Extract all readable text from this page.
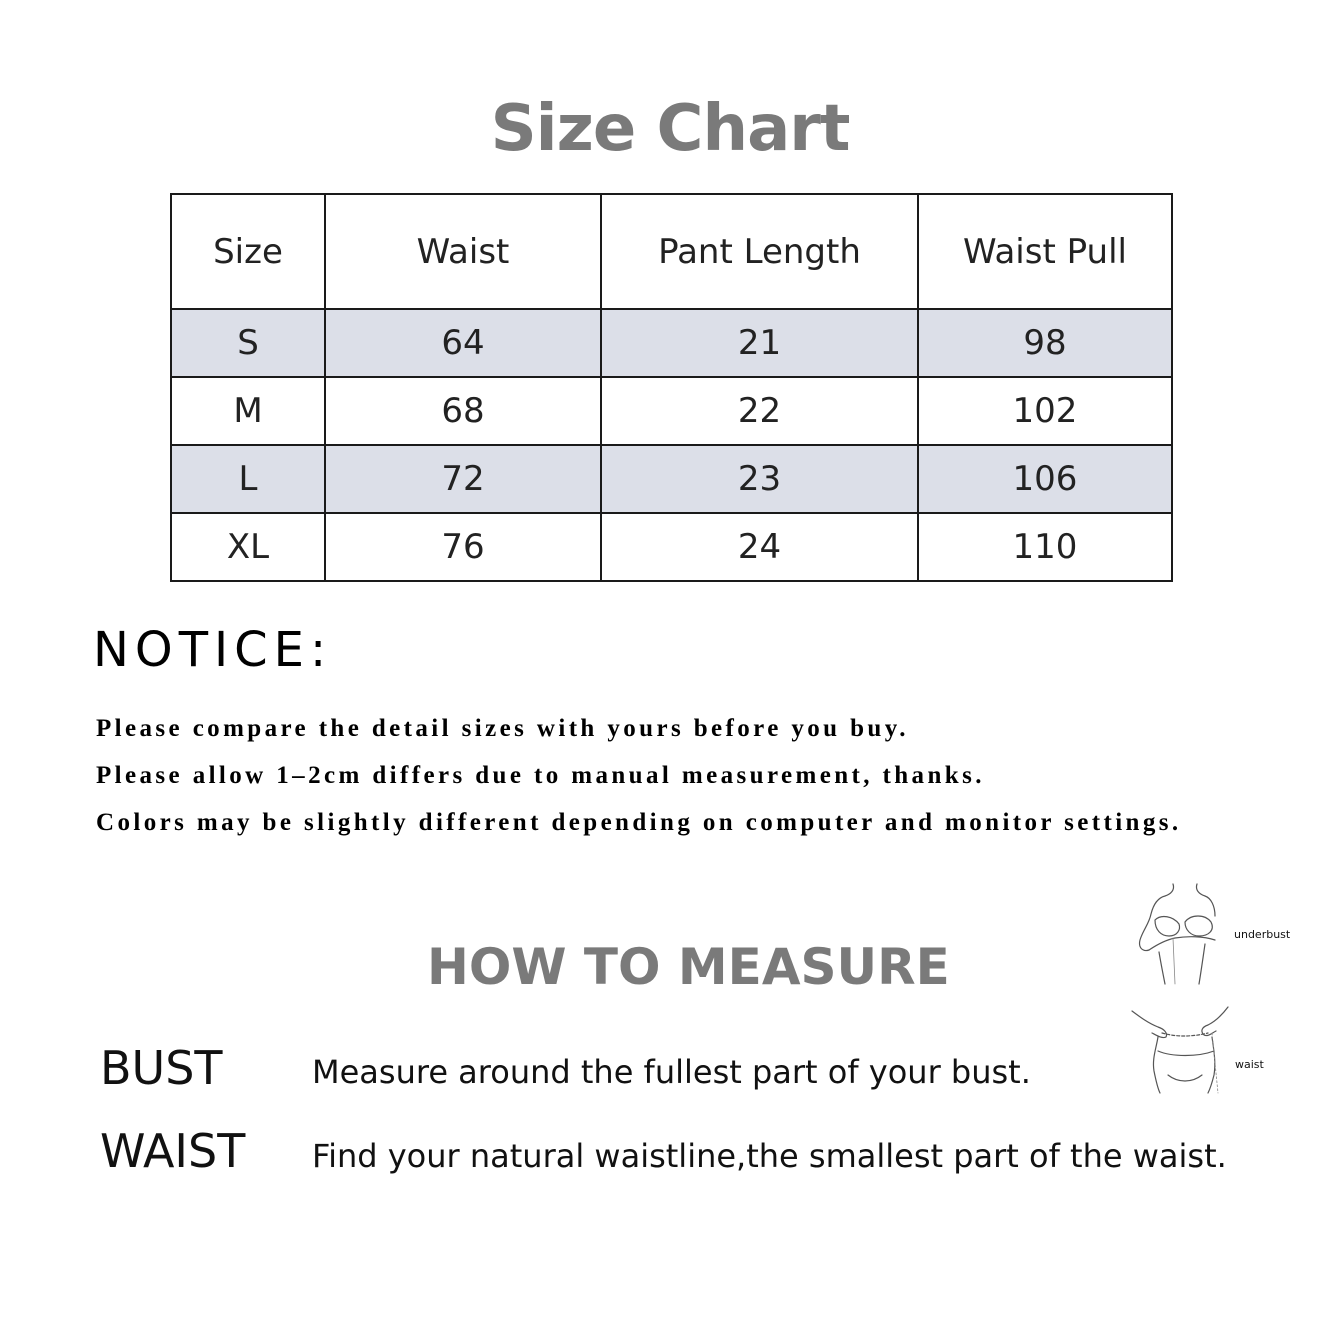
Size Chart
Size	Waist	Pant Length	Waist Pull
S	64	21	98
M	68	22	102
L	72	23	106
XL	76	24	110
NOTICE:

Please compare the detail sizes with yours before you buy.

Please allow 1–2cm differs due to manual measurement, thanks.

Colors may be slightly different depending on computer and monitor settings.

HOW TO MEASURE

BUST	Measure around the fullest part of your bust.

WAIST Find your natural waistline,the smallest part of the waist.

underbust
waist
